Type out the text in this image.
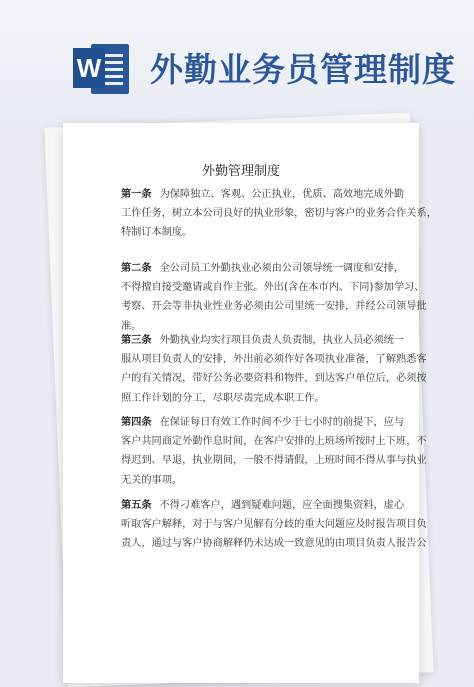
W 外勤业务员管理制度
外勤管理制度
第一条 为保障独立、客观、公正执业，优质、高效地完成外勤
工作任务，树立本公司良好的执业形象，密切与客户的业务合作关系，
特制订本制度。
第二条 全公司员工外勤执业必须由公司领导统一调度和安排，
不得擅自接受邀请或自作主张。外出(含在本市内、下同)参加学习、
考察、开会等非执业性业务必须由公司里统一安排，并经公司领导批
准。
第三条 外勤执业均实行项目负责人负责制，执业人员必须统一
服从项目负责人的安排，外出前必须作好各项执业准备，了解熟悉客
户的有关情况，带好公务必要资料和物件，到达客户单位后，必须按
照工作计划的分工，尽职尽责完成本职工作。
第四条 在保证每日有效工作时间不少于七小时的前提下，应与
客户共同商定外勤作息时间，在客户安排的上班场所按时上下班，不
得迟到、早退，执业期间，一般不得请假，上班时间不得从事与执业
无关的事项。
第五条 不得刁难客户，遇到疑难问题，应全面搜集资料，虚心
听取客户解释，对于与客户见解有分歧的重大问题应及时报告项目负
责人，通过与客户协商解释仍未达成一致意见的由项目负责人报告公
